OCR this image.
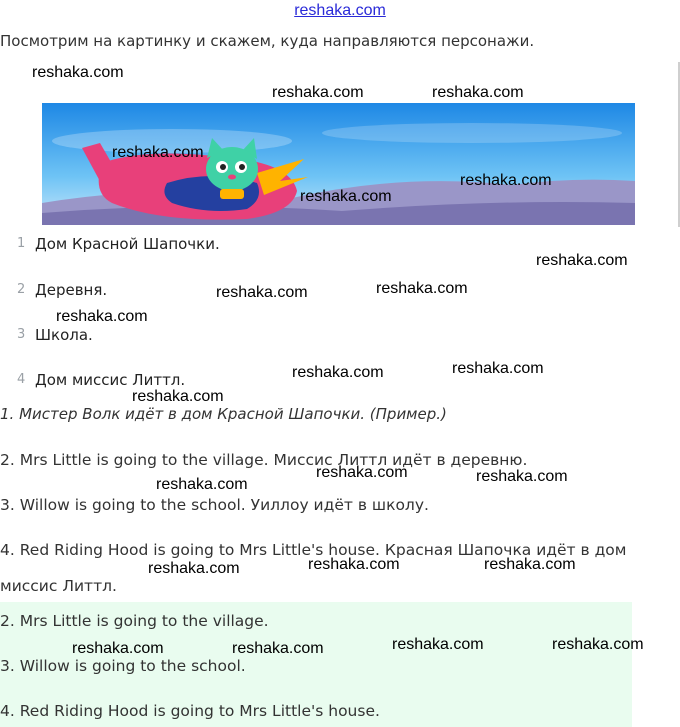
reshaka.com
Посмотрим на картинку и скажем, куда направляются персонажи.
1 Дом Красной Шапочки.
2 Деревня.
3 Школа.
4 Дом миссис Литтл.
1. Мистер Волк идёт в дом Красной Шапочки. (Пример.)
2. Mrs Little is going to the village. Миссис Литтл идёт в деревню.
3. Willow is going to the school. Уиллоу идёт в школу.
4. Red Riding Hood is going to Mrs Little's house. Красная Шапочка идёт в дом
миссис Литтл.
2. Mrs Little is going to the village.
3. Willow is going to the school.
4. Red Riding Hood is going to Mrs Little's house.
reshaka.com
reshaka.com	reshaka.com
reshaka.com
reshaka.com
reshaka.com
reshaka.com
reshaka.com	reshaka.com
reshaka.com
reshaka.com	reshaka.com
reshaka.com
reshaka.com	reshaka.com
reshaka.com
reshaka.com	reshaka.com	reshaka.com
reshaka.com	reshaka.com	reshaka.com	reshaka.com
